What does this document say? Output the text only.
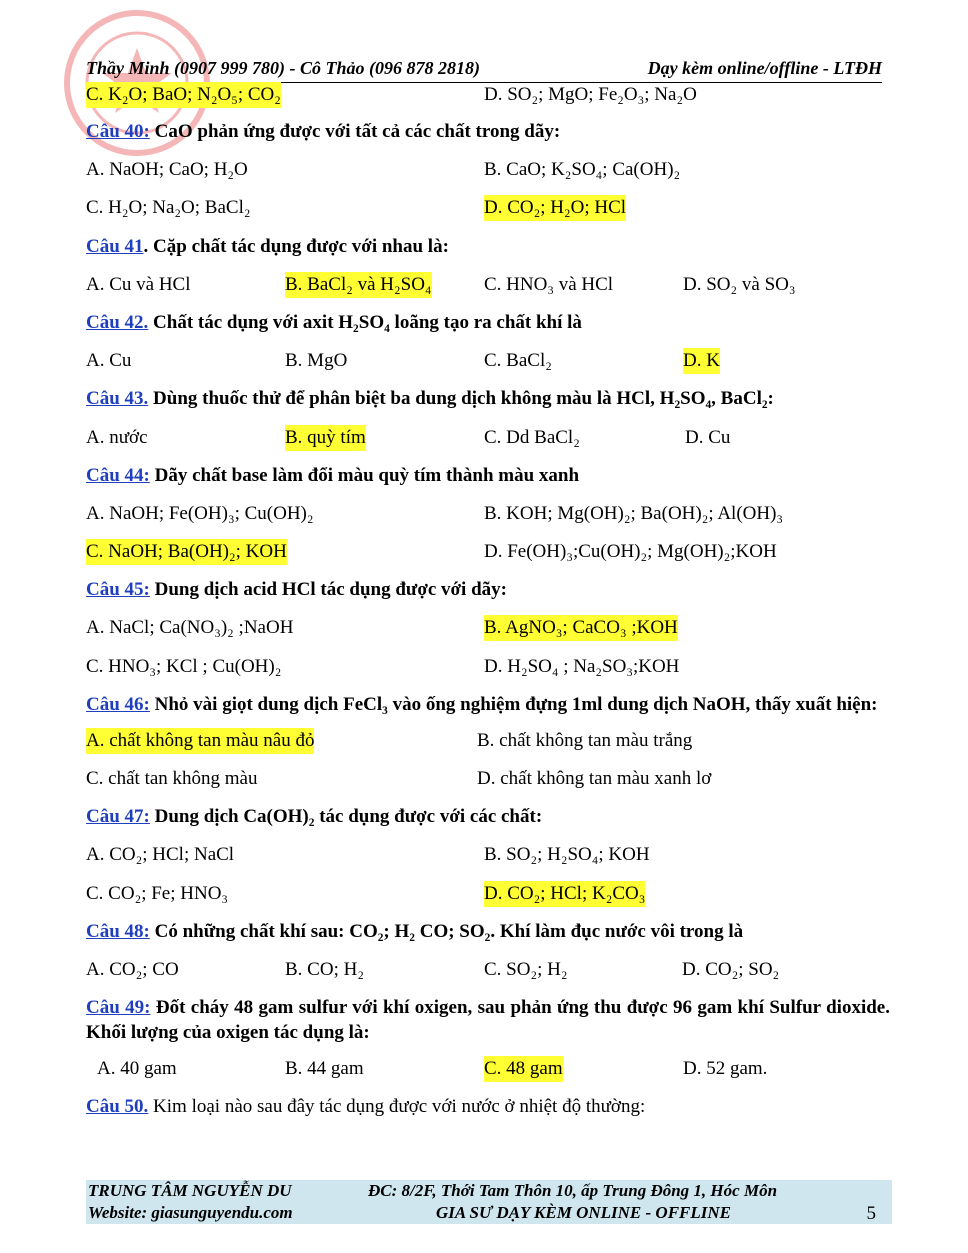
Thầy Minh (0907 999 780) - Cô Thảo (096 878 2818)	Dạy kèm online/offline - LTĐH
C. K₂O; BaO; N₂O₅; CO₂	D. SO₂; MgO; Fe₂O₃; Na₂O
Câu 40: CaO phản ứng được với tất cả các chất trong dãy:
A. NaOH; CaO; H₂O	B. CaO; K₂SO₄; Ca(OH)₂
C. H₂O; Na₂O; BaCl₂	D. CO₂; H₂O; HCl
Câu 41. Cặp chất tác dụng được với nhau là:
A. Cu và HCl	B. BaCl₂ và H₂SO₄	C. HNO₃ và HCl	D. SO₂ và SO₃
Câu 42. Chất tác dụng với axit H₂SO₄ loãng tạo ra chất khí là
A. Cu	B. MgO	C. BaCl₂	D. K
Câu 43. Dùng thuốc thử để phân biệt ba dung dịch không màu là HCl, H₂SO₄, BaCl₂:
A. nước	B. quỳ tím	C. Dd BaCl₂	D. Cu
Câu 44: Dãy chất base làm đổi màu quỳ tím thành màu xanh
A. NaOH; Fe(OH)₃; Cu(OH)₂	B. KOH; Mg(OH)₂; Ba(OH)₂; Al(OH)₃
C. NaOH; Ba(OH)₂; KOH	D. Fe(OH)₃;Cu(OH)₂; Mg(OH)₂;KOH
Câu 45: Dung dịch acid HCl tác dụng được với dãy:
A. NaCl; Ca(NO₃)₂ ;NaOH	B. AgNO₃; CaCO₃ ;KOH
C. HNO₃; KCl ; Cu(OH)₂	D. H₂SO₄ ; Na₂SO₃;KOH
Câu 46: Nhỏ vài giọt dung dịch FeCl₃ vào ống nghiệm đựng 1ml dung dịch NaOH, thấy xuất hiện:
A. chất không tan màu nâu đỏ	B. chất không tan màu trắng
C. chất tan không màu	D. chất không tan màu xanh lơ
Câu 47: Dung dịch Ca(OH)₂ tác dụng được với các chất:
A. CO₂; HCl; NaCl	B. SO₂; H₂SO₄; KOH
C. CO₂; Fe; HNO₃	D. CO₂; HCl; K₂CO₃
Câu 48: Có những chất khí sau: CO₂; H₂ CO; SO₂. Khí làm đục nước vôi trong là
A. CO₂; CO	B. CO; H₂	C. SO₂; H₂	D. CO₂; SO₂
Câu 49: Đốt cháy 48 gam sulfur với khí oxigen, sau phản ứng thu được 96 gam khí Sulfur dioxide. Khối lượng của oxigen tác dụng là:
A. 40 gam	B. 44 gam	C. 48 gam	D. 52 gam.
Câu 50. Kim loại nào sau đây tác dụng được với nước ở nhiệt độ thường:
TRUNG TÂM NGUYỄN DU	ĐC: 8/2F, Thới Tam Thôn 10, ấp Trung Đông 1, Hóc Môn
Website: giasunguyendu.com	GIA SƯ DẠY KÈM ONLINE - OFFLINE	5
